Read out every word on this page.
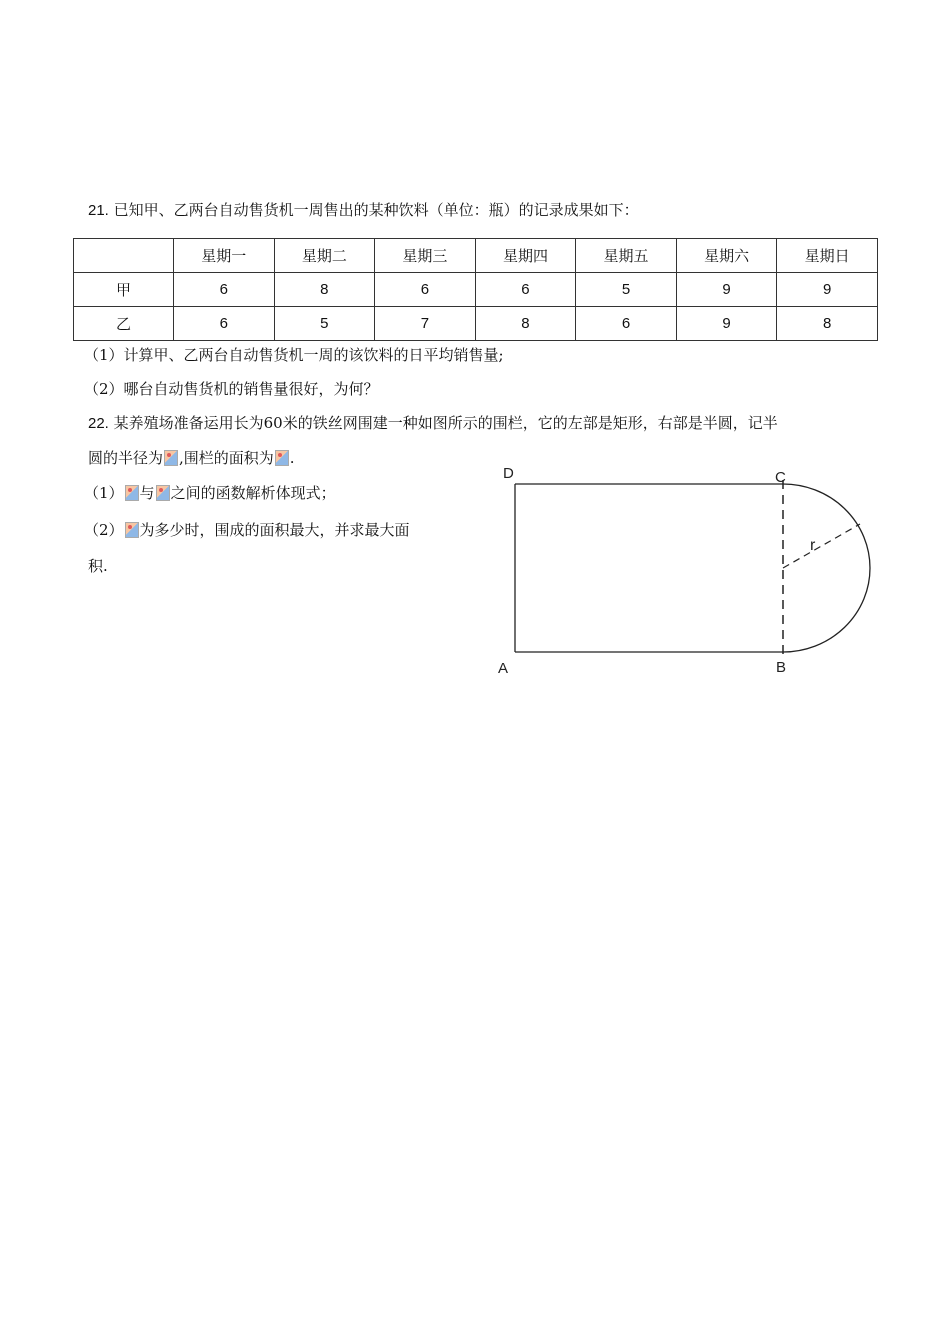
21. 已知甲、乙两台自动售货机一周售出的某种饮料（单位：瓶）的记录成果如下：
	星期一	星期二	星期三	星期四	星期五	星期六	星期日
甲	6	8	6	6	5	9	9
乙	6	5	7	8	6	9	8
（1）计算甲、乙两台自动售货机一周的该饮料的日平均销售量;
（2）哪台自动售货机的销售量很好，为何？
22. 某养殖场准备运用长为60米的铁丝网围建一种如图所示的围栏，它的左部是矩形，右部是半圆，记半
圆的半径为 ,围栏的面积为 .
（1） 与 之间的函数解析体现式；
（2） 为多少时，围成的面积最大，并求最大面
积.
D	C
A	B
r
